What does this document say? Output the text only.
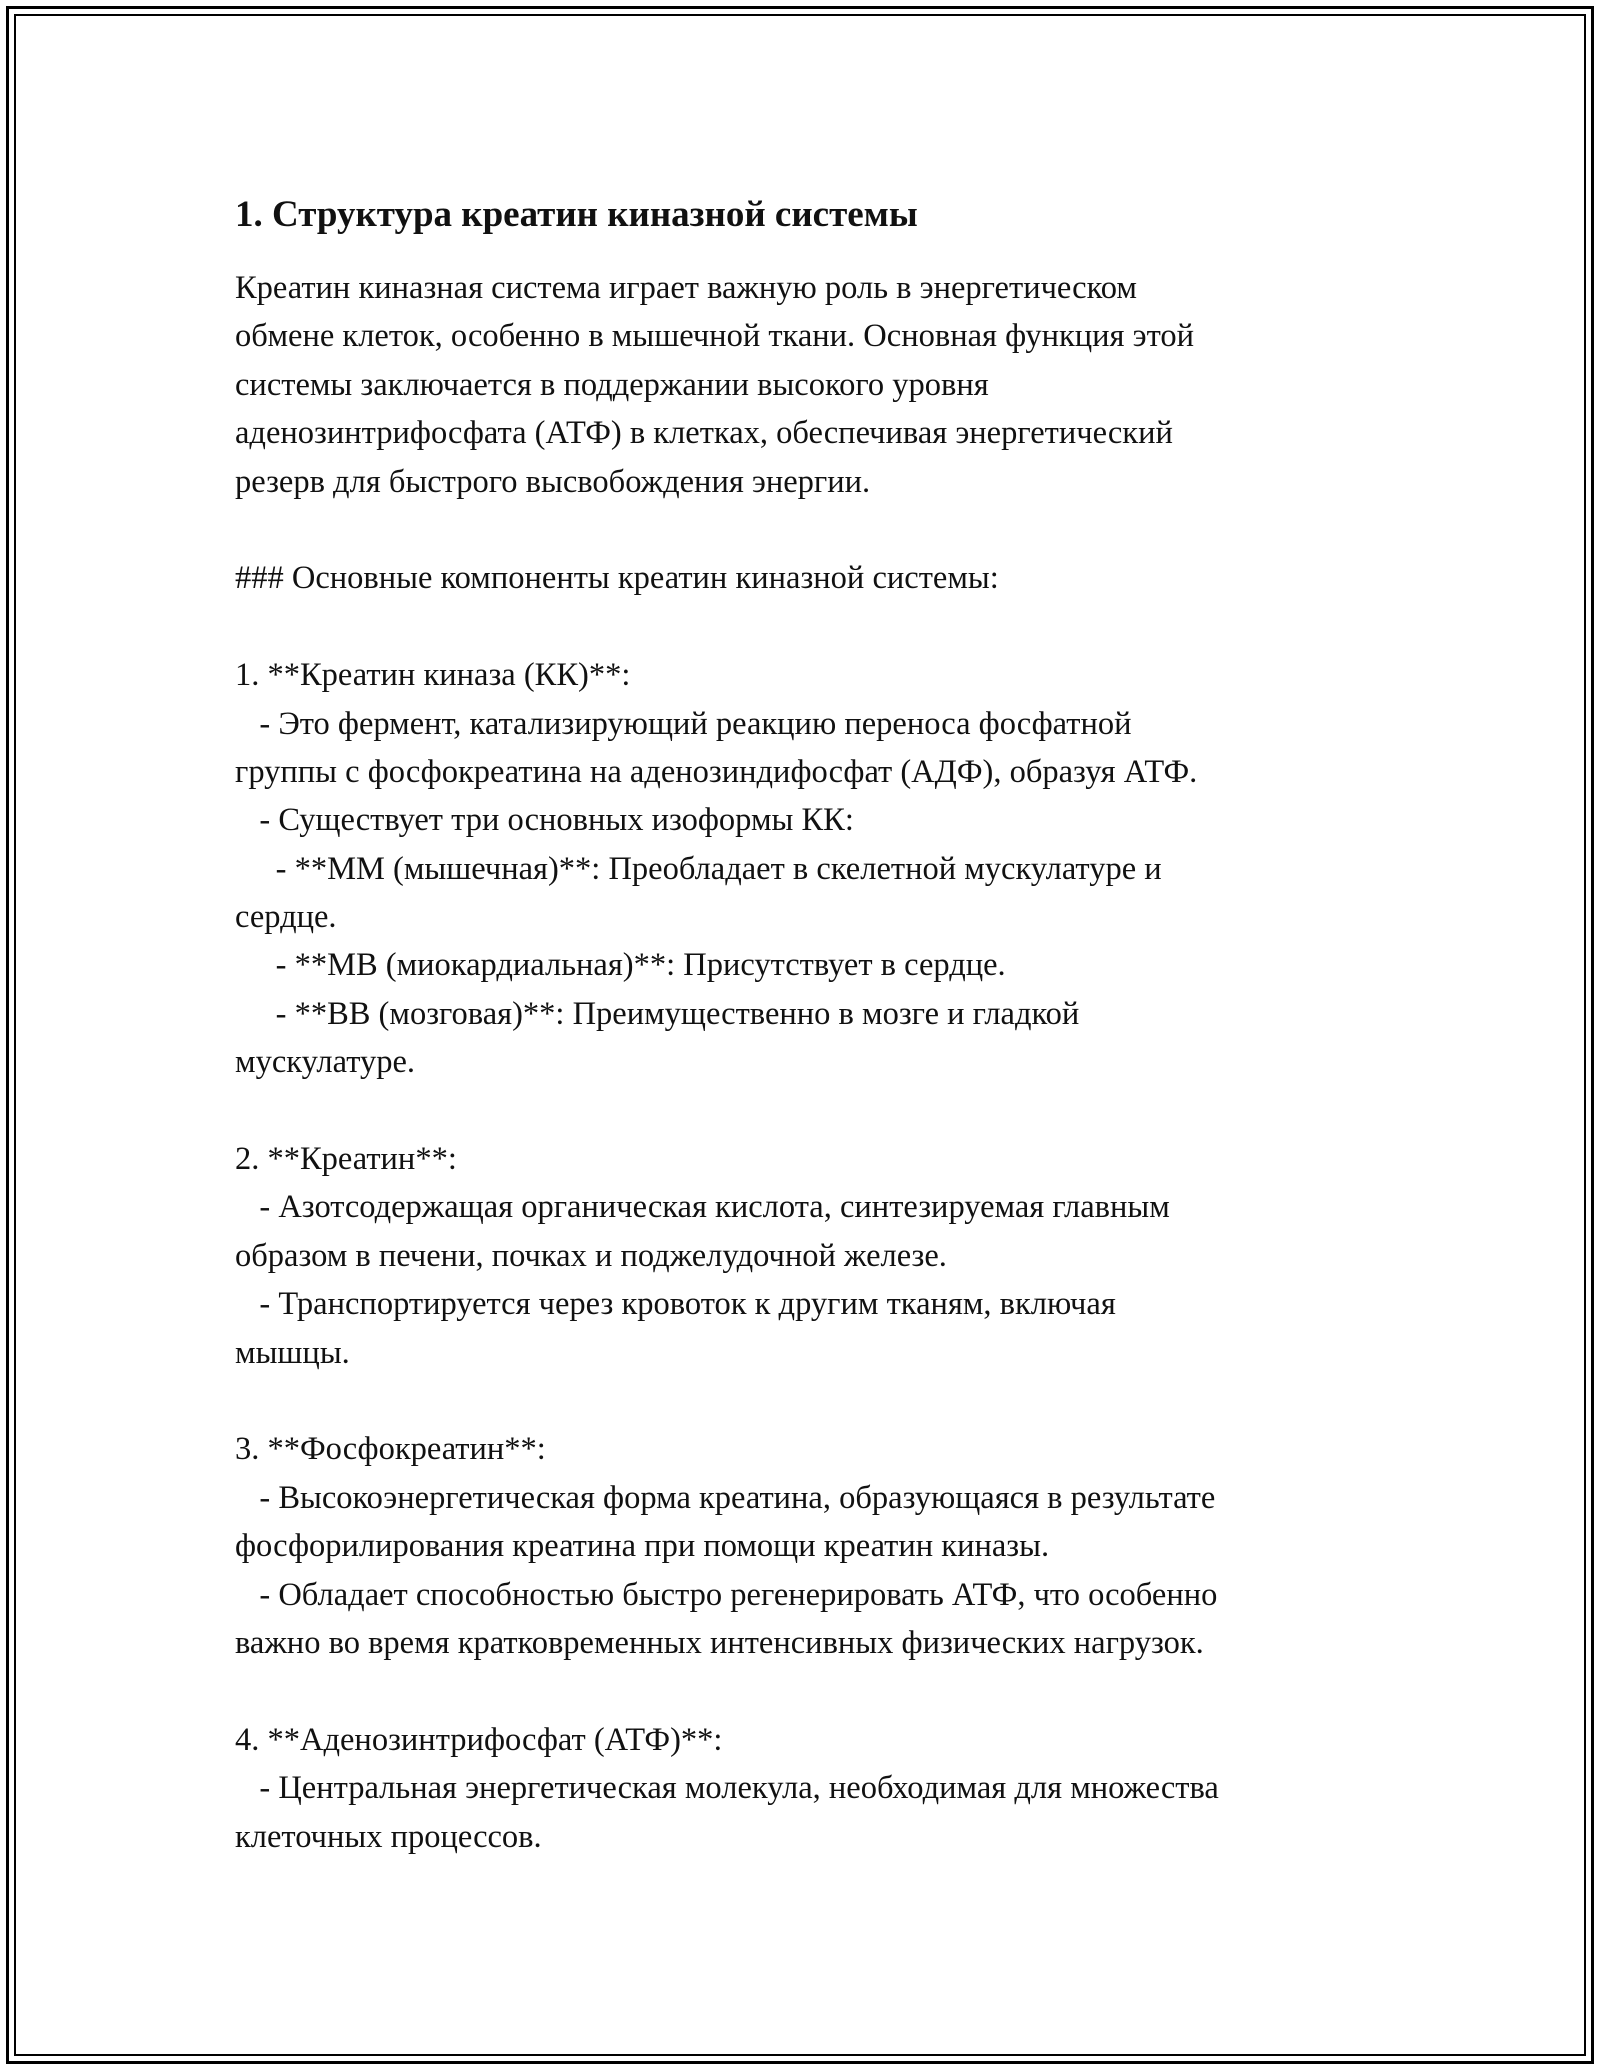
1. Структура креатин киназной системы
Креатин киназная система играет важную роль в энергетическом
обмене клеток, особенно в мышечной ткани. Основная функция этой
системы заключается в поддержании высокого уровня
аденозинтрифосфата (АТФ) в клетках, обеспечивая энергетический
резерв для быстрого высвобождения энергии.
### Основные компоненты креатин киназной системы:
1. **Креатин киназа (КК)**:
- Это фермент, катализирующий реакцию переноса фосфатной
группы с фосфокреатина на аденозиндифосфат (АДФ), образуя АТФ.
- Существует три основных изоформы КК:
- **MM (мышечная)**: Преобладает в скелетной мускулатуре и
сердце.
- **MB (миокардиальная)**: Присутствует в сердце.
- **BB (мозговая)**: Преимущественно в мозге и гладкой
мускулатуре.
2. **Креатин**:
- Азотсодержащая органическая кислота, синтезируемая главным
образом в печени, почках и поджелудочной железе.
- Транспортируется через кровоток к другим тканям, включая
мышцы.
3. **Фосфокреатин**:
- Высокоэнергетическая форма креатина, образующаяся в результате
фосфорилирования креатина при помощи креатин киназы.
- Обладает способностью быстро регенерировать АТФ, что особенно
важно во время кратковременных интенсивных физических нагрузок.
4. **Аденозинтрифосфат (АТФ)**:
- Центральная энергетическая молекула, необходимая для множества
клеточных процессов.
